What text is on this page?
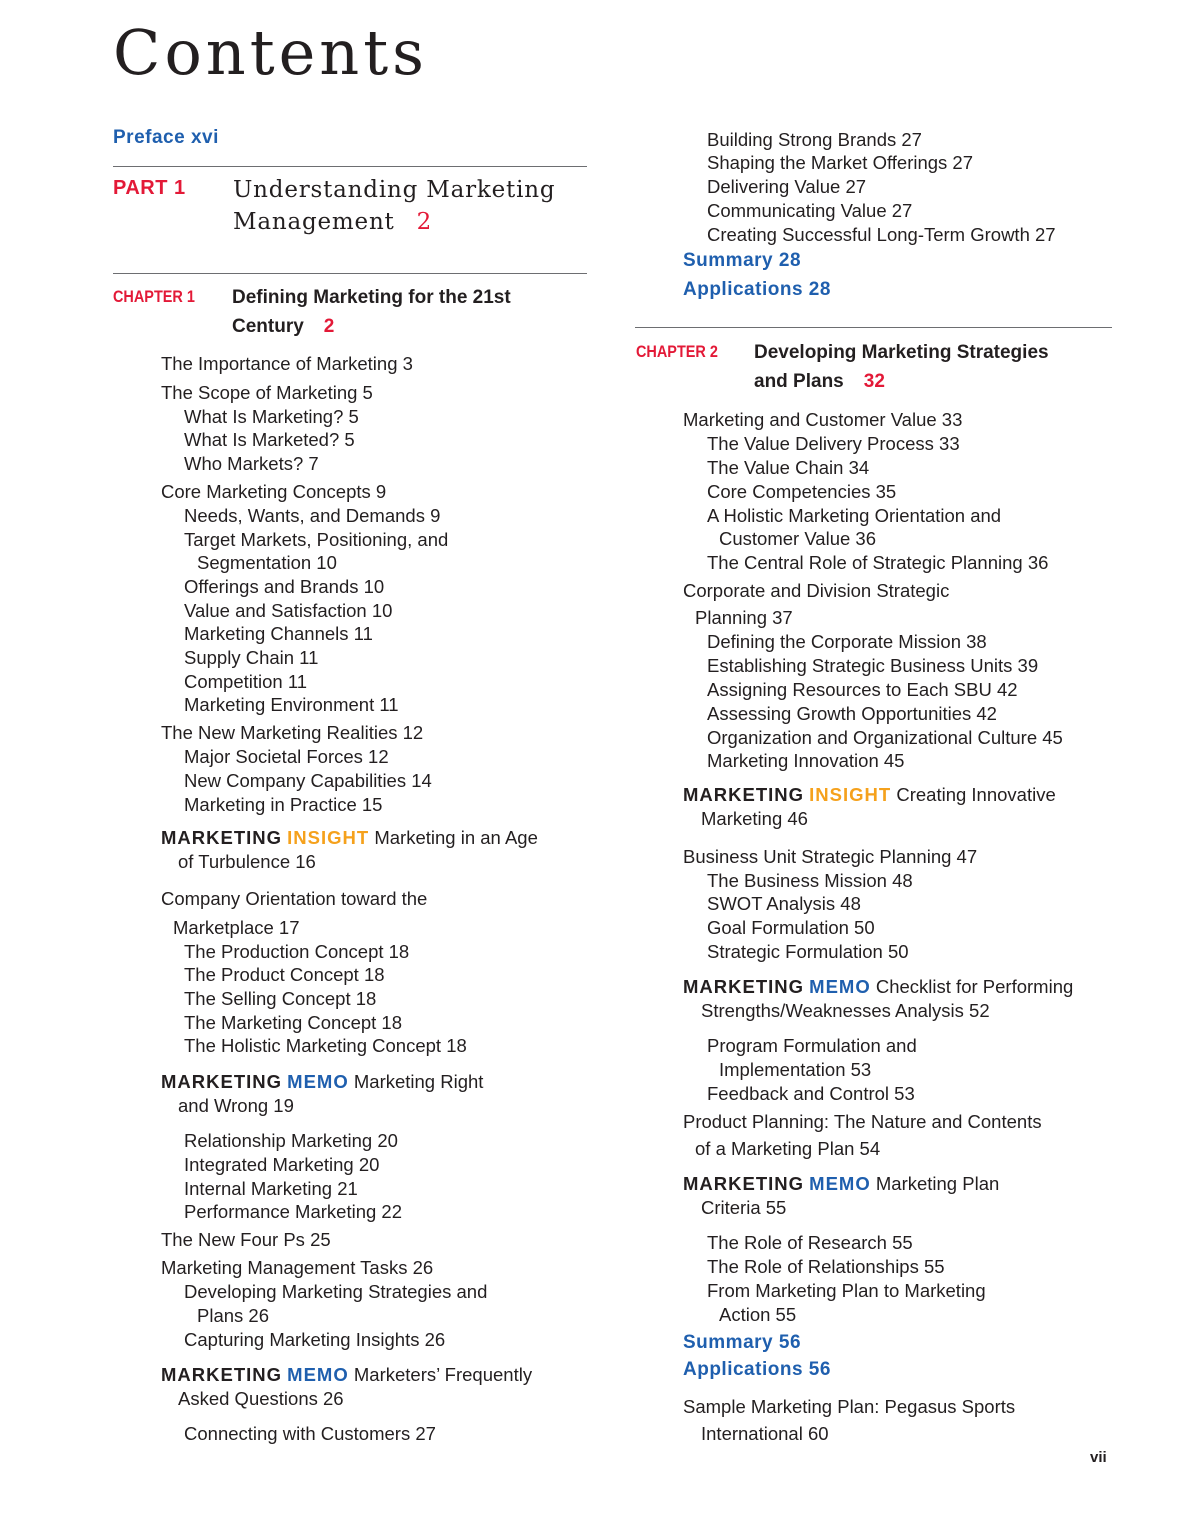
Contents
Preface xvi
PART 1 Understanding Marketing
Management 2
CHAPTER 1 Defining Marketing for the 21st
Century 2
The Importance of Marketing 3
The Scope of Marketing 5
What Is Marketing? 5
What Is Marketed? 5
Who Markets? 7
Core Marketing Concepts 9
Needs, Wants, and Demands 9
Target Markets, Positioning, and
Segmentation 10
Offerings and Brands 10
Value and Satisfaction 10
Marketing Channels 11
Supply Chain 11
Competition 11
Marketing Environment 11
The New Marketing Realities 12
Major Societal Forces 12
New Company Capabilities 14
Marketing in Practice 15
MARKETING INSIGHT Marketing in an Age
of Turbulence 16
Company Orientation toward the
Marketplace 17
The Production Concept 18
The Product Concept 18
The Selling Concept 18
The Marketing Concept 18
The Holistic Marketing Concept 18
MARKETING MEMO Marketing Right
and Wrong 19
Relationship Marketing 20
Integrated Marketing 20
Internal Marketing 21
Performance Marketing 22
The New Four Ps 25
Marketing Management Tasks 26
Developing Marketing Strategies and
Plans 26
Capturing Marketing Insights 26
MARKETING MEMO Marketers’ Frequently
Asked Questions 26
Connecting with Customers 27
Building Strong Brands 27
Shaping the Market Offerings 27
Delivering Value 27
Communicating Value 27
Creating Successful Long-Term Growth 27
Summary 28
Applications 28
CHAPTER 2 Developing Marketing Strategies
and Plans 32
Marketing and Customer Value 33
The Value Delivery Process 33
The Value Chain 34
Core Competencies 35
A Holistic Marketing Orientation and
Customer Value 36
The Central Role of Strategic Planning 36
Corporate and Division Strategic
Planning 37
Defining the Corporate Mission 38
Establishing Strategic Business Units 39
Assigning Resources to Each SBU 42
Assessing Growth Opportunities 42
Organization and Organizational Culture 45
Marketing Innovation 45
MARKETING INSIGHT Creating Innovative
Marketing 46
Business Unit Strategic Planning 47
The Business Mission 48
SWOT Analysis 48
Goal Formulation 50
Strategic Formulation 50
MARKETING MEMO Checklist for Performing
Strengths/Weaknesses Analysis 52
Program Formulation and
Implementation 53
Feedback and Control 53
Product Planning: The Nature and Contents
of a Marketing Plan 54
MARKETING MEMO Marketing Plan
Criteria 55
The Role of Research 55
The Role of Relationships 55
From Marketing Plan to Marketing
Action 55
Summary 56
Applications 56
Sample Marketing Plan: Pegasus Sports
International 60
vii
